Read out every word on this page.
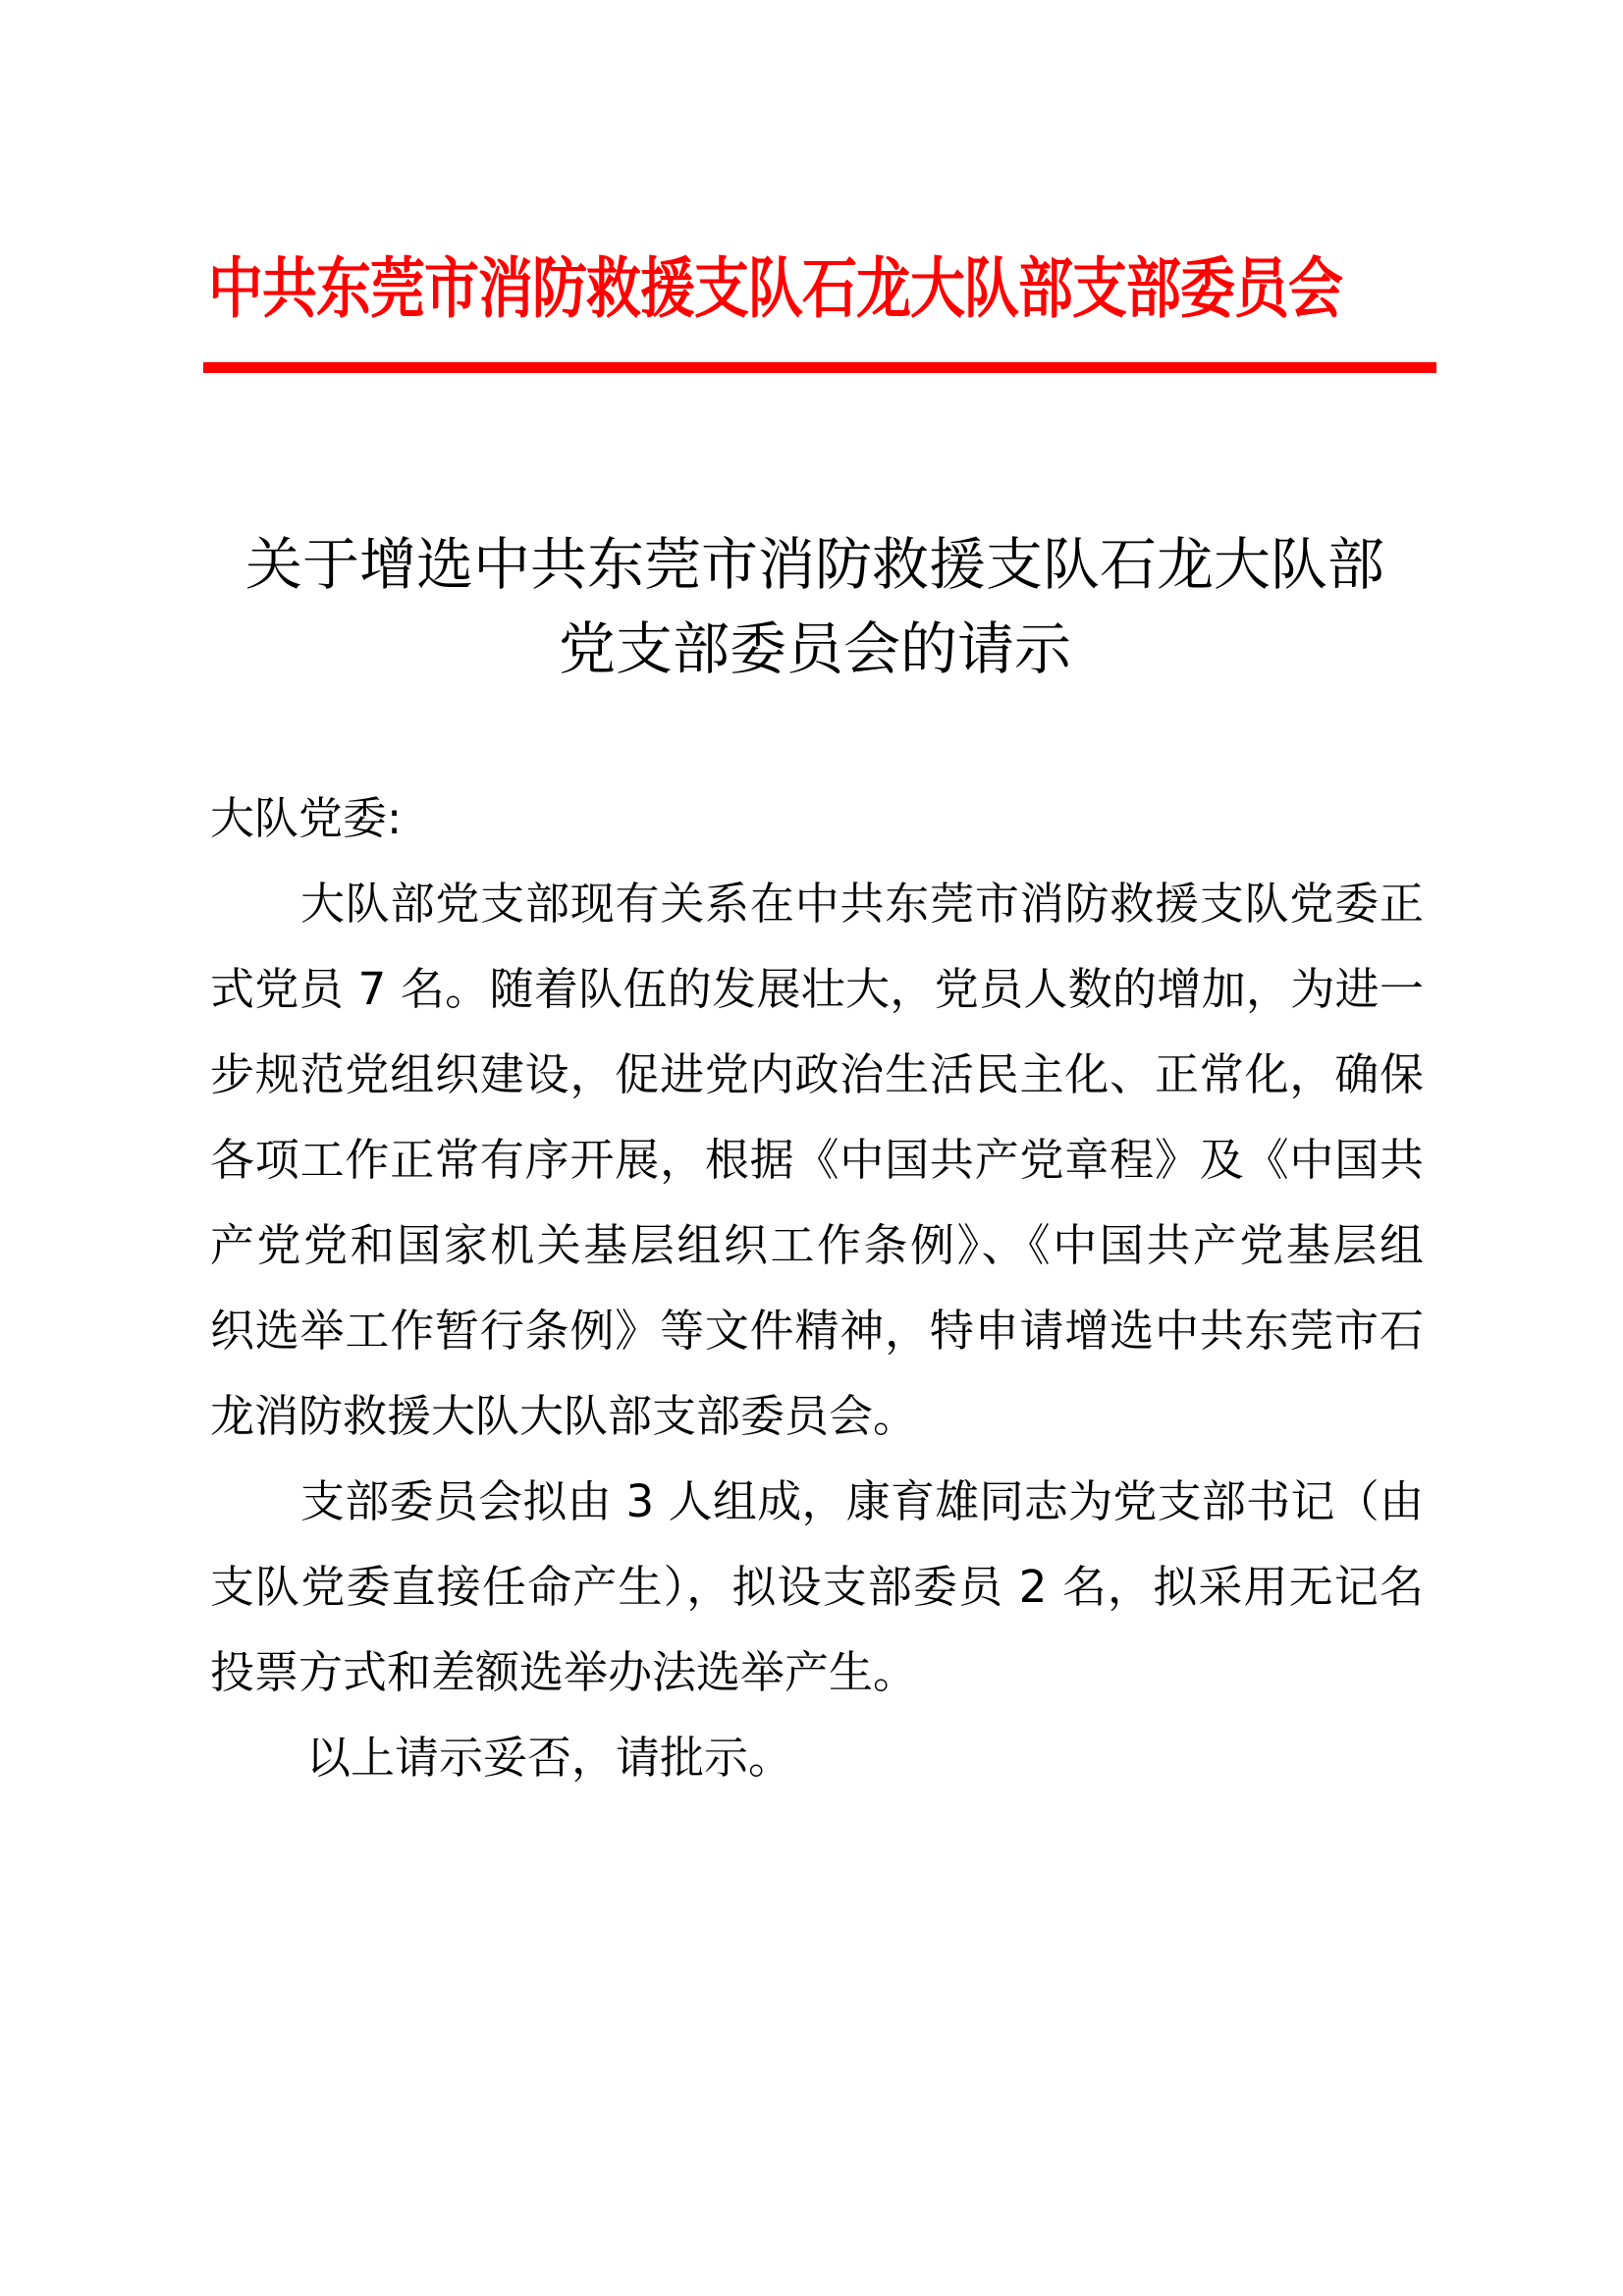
中共东莞市消防救援支队石龙大队部支部委员会
关于增选中共东莞市消防救援支队石龙大队部
党支部委员会的请示
大队党委:
大队部党支部现有关系在中共东莞市消防救援支队党委正
式党员 7 名。随着队伍的发展壮大，党员人数的增加，为进一
步规范党组织建设，促进党内政治生活民主化、正常化，确保
各项工作正常有序开展，根据《中国共产党章程》及《中国共
产党党和国家机关基层组织工作条例》、《中国共产党基层组
织选举工作暂行条例》等文件精神，特申请增选中共东莞市石
龙消防救援大队大队部支部委员会。
支部委员会拟由 3 人组成，康育雄同志为党支部书记（由
支队党委直接任命产生），拟设支部委员 2 名，拟采用无记名
投票方式和差额选举办法选举产生。
以上请示妥否，请批示。
